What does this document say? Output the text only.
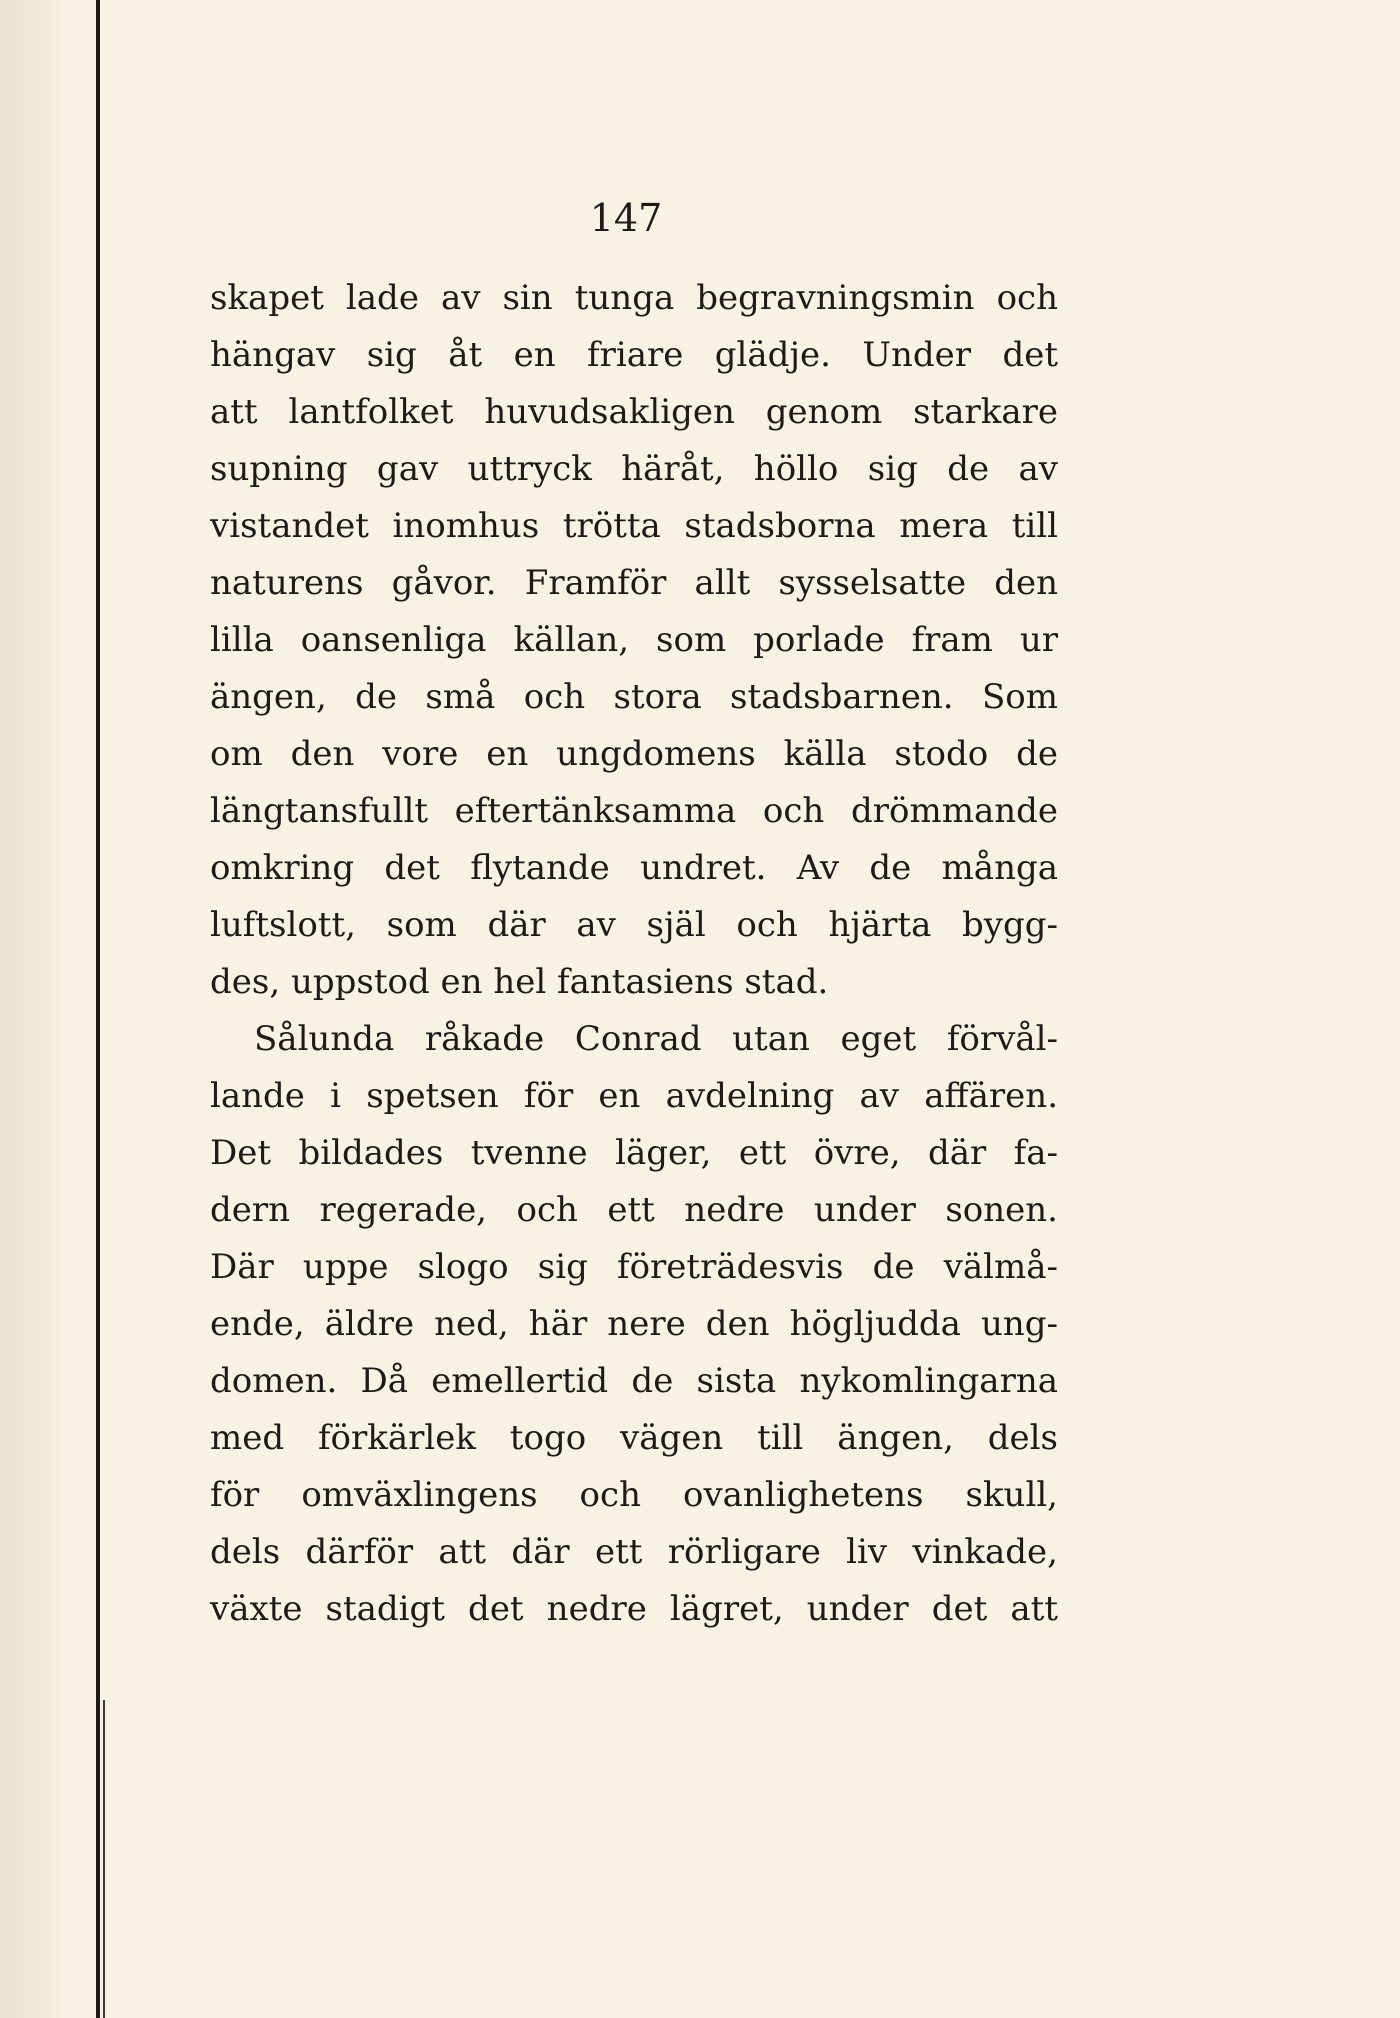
147

skapet lade av sin tunga begravningsmin och
hängav sig åt en friare glädje. Under det
att lantfolket huvudsakligen genom starkare
supning gav uttryck häråt, höllo sig de av
vistandet inomhus trötta stadsborna mera till
naturens gåvor. Framför allt sysselsatte den
lilla oansenliga källan, som porlade fram ur
ängen, de små och stora stadsbarnen. Som
om den vore en ungdomens källa stodo de
längtansfullt eftertänksamma och drömmande
omkring det flytande undret. Av de många
luftslott, som där av själ och hjärta bygg-
des, uppstod en hel fantasiens stad.
Sålunda råkade Conrad utan eget förvål-
lande i spetsen för en avdelning av affären.
Det bildades tvenne läger, ett övre, där fa-
dern regerade, och ett nedre under sonen.
Där uppe slogo sig företrädesvis de välmå-
ende, äldre ned, här nere den högljudda ung-
domen. Då emellertid de sista nykomlingarna
med förkärlek togo vägen till ängen, dels
för omväxlingens och ovanlighetens skull,
dels därför att där ett rörligare liv vinkade,
växte stadigt det nedre lägret, under det att
